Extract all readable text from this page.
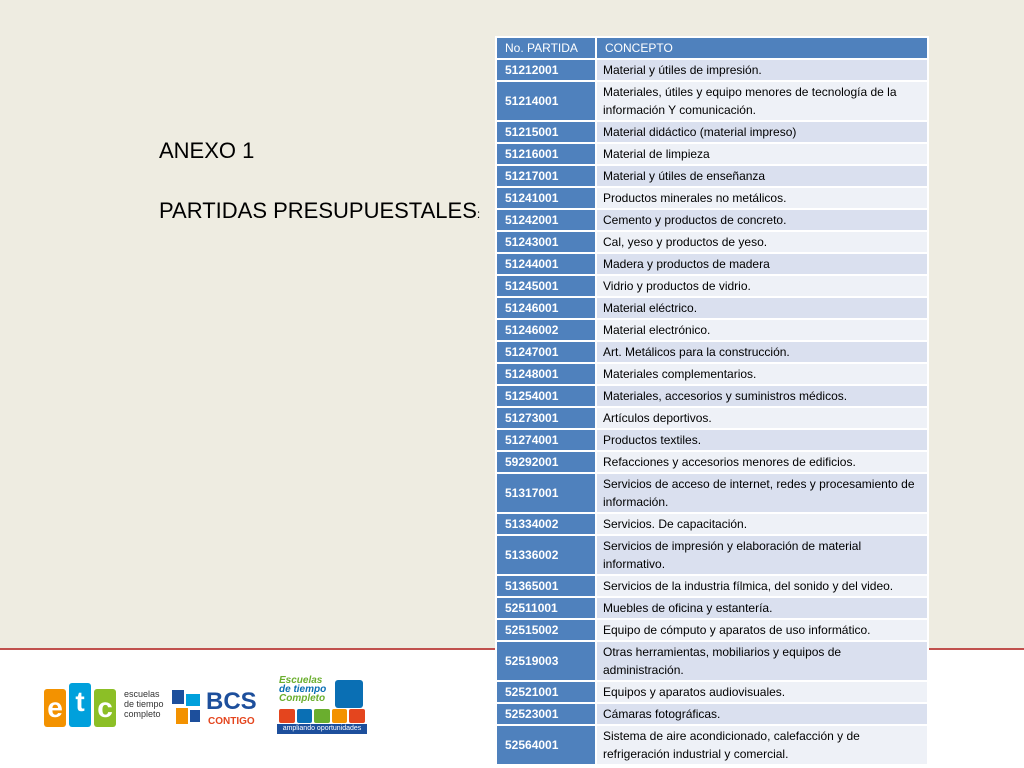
ANEXO 1
PARTIDAS PRESUPUESTALES:
No. PARTIDA	CONCEPTO
51212001	Material y útiles de impresión.
51214001	Materiales, útiles y equipo menores de tecnología de la información Y comunicación.
51215001	Material didáctico (material impreso)
51216001	Material de limpieza
51217001	Material y útiles de enseñanza
51241001	Productos minerales no metálicos.
51242001	Cemento y productos de concreto.
51243001	Cal, yeso y productos de yeso.
51244001	Madera y productos de madera
51245001	Vidrio y productos de vidrio.
51246001	Material eléctrico.
51246002	Material electrónico.
51247001	Art. Metálicos para la construcción.
51248001	Materiales complementarios.
51254001	Materiales, accesorios y suministros médicos.
51273001	Artículos deportivos.
51274001	Productos textiles.
59292001	Refacciones y accesorios menores de edificios.
51317001	Servicios de acceso de internet, redes y procesamiento de información.
51334002	Servicios. De capacitación.
51336002	Servicios de impresión y elaboración de material informativo.
51365001	Servicios de la industria fílmica, del sonido y del video.
52511001	Muebles de oficina y estantería.
52515002	Equipo de cómputo y aparatos de uso informático.
52519003	Otras herramientas, mobiliarios y equipos de administración.
52521001	Equipos y aparatos audiovisuales.
52523001	Cámaras fotográficas.
52564001	Sistema de aire acondicionado, calefacción y de refrigeración industrial y comercial.
e t c	escuelas
de tiempo
completo BCS
CONTIGO
Escuelas
de tiempo
Completo
ampliando oportunidades
